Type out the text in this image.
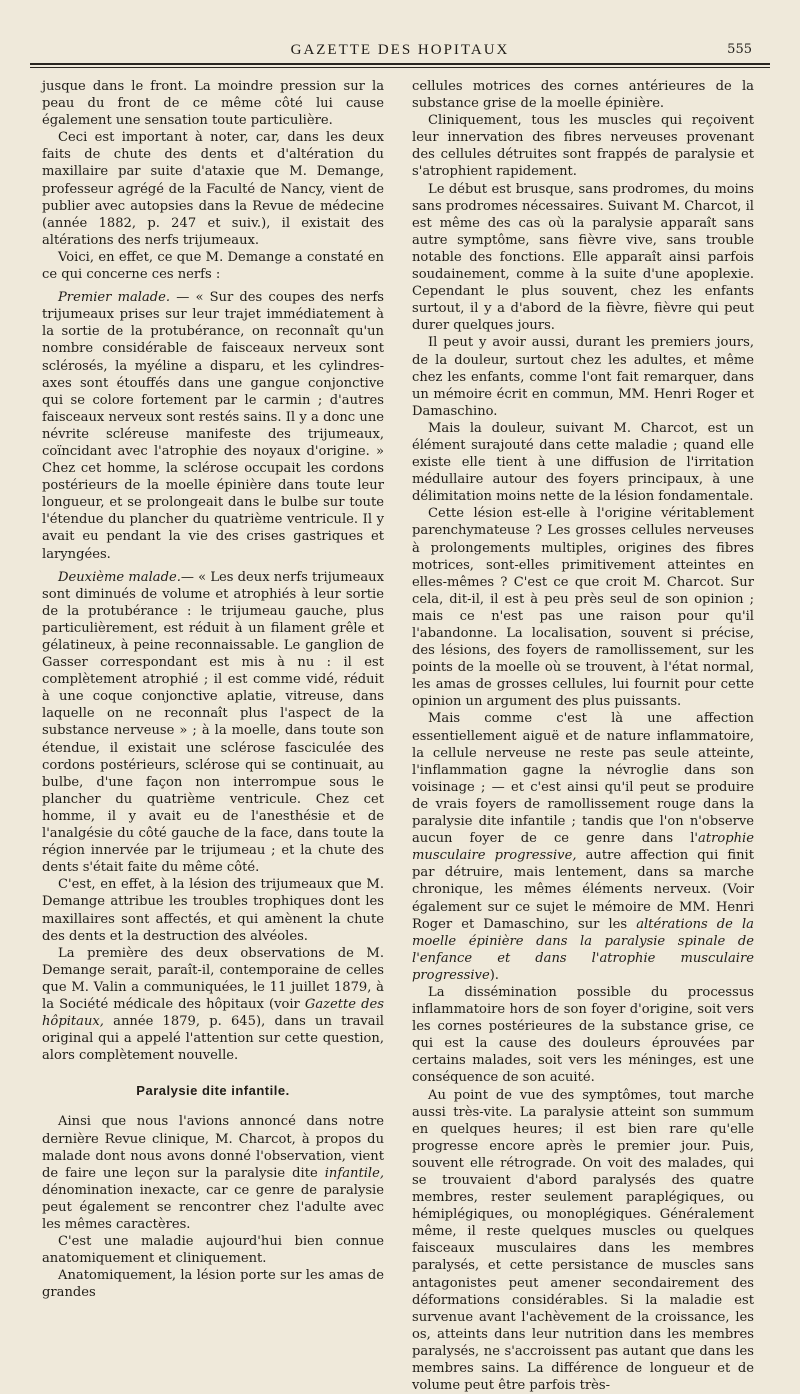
GAZETTE DES HOPITAUX	555

jusque dans le front. La moindre pression sur la peau du front de ce même côté lui cause également une sensation toute particulière.

Ceci est important à noter, car, dans les deux faits de chute des dents et d'altération du maxillaire par suite d'ataxie que M. Demange, professeur agrégé de la Faculté de Nancy, vient de publier avec autopsies dans la Revue de médecine (année 1882, p. 247 et suiv.), il existait des altérations des nerfs trijumeaux.

Voici, en effet, ce que M. Demange a constaté en ce qui concerne ces nerfs :

Premier malade. — « Sur des coupes des nerfs trijumeaux prises sur leur trajet immédiatement à la sortie de la protubérance, on reconnaît qu'un nombre considérable de faisceaux nerveux sont sclérosés, la myéline a disparu, et les cylindres-axes sont étouffés dans une gangue conjonctive qui se colore fortement par le carmin ; d'autres faisceaux nerveux sont restés sains. Il y a donc une névrite scléreuse manifeste des trijumeaux, coïncidant avec l'atrophie des noyaux d'origine. » Chez cet homme, la sclérose occupait les cordons postérieurs de la moelle épinière dans toute leur longueur, et se prolongeait dans le bulbe sur toute l'étendue du plancher du quatrième ventricule. Il y avait eu pendant la vie des crises gastriques et laryngées.

Deuxième malade.— « Les deux nerfs trijumeaux sont diminués de volume et atrophiés à leur sortie de la protubérance : le trijumeau gauche, plus particulièrement, est réduit à un filament grêle et gélatineux, à peine reconnaissable. Le ganglion de Gasser correspondant est mis à nu : il est complètement atrophié ; il est comme vidé, réduit à une coque conjonctive aplatie, vitreuse, dans laquelle on ne reconnaît plus l'aspect de la substance nerveuse » ; à la moelle, dans toute son étendue, il existait une sclérose fasciculée des cordons postérieurs, sclérose qui se continuait, au bulbe, d'une façon non interrompue sous le plancher du quatrième ventricule. Chez cet homme, il y avait eu de l'anesthésie et de l'analgésie du côté gauche de la face, dans toute la région innervée par le trijumeau ; et la chute des dents s'était faite du même côté.

C'est, en effet, à la lésion des trijumeaux que M. Demange attribue les troubles trophiques dont les maxillaires sont affectés, et qui amènent la chute des dents et la destruction des alvéoles.

La première des deux observations de M. Demange serait, paraît-il, contemporaine de celles que M. Valin a communiquées, le 11 juillet 1879, à la Société médicale des hôpitaux (voir Gazette des hôpitaux, année 1879, p. 645), dans un travail original qui a appelé l'attention sur cette question, alors complètement nouvelle.

Paralysie dite infantile.

Ainsi que nous l'avions annoncé dans notre dernière Revue clinique, M. Charcot, à propos du malade dont nous avons donné l'observation, vient de faire une leçon sur la paralysie dite infantile, dénomination inexacte, car ce genre de paralysie peut également se rencontrer chez l'adulte avec les mêmes caractères.

C'est une maladie aujourd'hui bien connue anatomiquement et cliniquement.

Anatomiquement, la lésion porte sur les amas de grandes

cellules motrices des cornes antérieures de la substance grise de la moelle épinière.

Cliniquement, tous les muscles qui reçoivent leur innervation des fibres nerveuses provenant des cellules détruites sont frappés de paralysie et s'atrophient rapidement.

Le début est brusque, sans prodromes, du moins sans prodromes nécessaires. Suivant M. Charcot, il est même des cas où la paralysie apparaît sans autre symptôme, sans fièvre vive, sans trouble notable des fonctions. Elle apparaît ainsi parfois soudainement, comme à la suite d'une apoplexie. Cependant le plus souvent, chez les enfants surtout, il y a d'abord de la fièvre, fièvre qui peut durer quelques jours.

Il peut y avoir aussi, durant les premiers jours, de la douleur, surtout chez les adultes, et même chez les enfants, comme l'ont fait remarquer, dans un mémoire écrit en commun, MM. Henri Roger et Damaschino.

Mais la douleur, suivant M. Charcot, est un élément surajouté dans cette maladie ; quand elle existe elle tient à une diffusion de l'irritation médullaire autour des foyers principaux, à une délimitation moins nette de la lésion fondamentale.

Cette lésion est-elle à l'origine véritablement parenchymateuse ? Les grosses cellules nerveuses à prolongements multiples, origines des fibres motrices, sont-elles primitivement atteintes en elles-mêmes ? C'est ce que croit M. Charcot. Sur cela, dit-il, il est à peu près seul de son opinion ; mais ce n'est pas une raison pour qu'il l'abandonne. La localisation, souvent si précise, des lésions, des foyers de ramollissement, sur les points de la moelle où se trouvent, à l'état normal, les amas de grosses cellules, lui fournit pour cette opinion un argument des plus puissants.

Mais comme c'est là une affection essentiellement aiguë et de nature inflammatoire, la cellule nerveuse ne reste pas seule atteinte, l'inflammation gagne la névroglie dans son voisinage ; — et c'est ainsi qu'il peut se produire de vrais foyers de ramollissement rouge dans la paralysie dite infantile ; tandis que l'on n'observe aucun foyer de ce genre dans l'atrophie musculaire progressive, autre affection qui finit par détruire, mais lentement, dans sa marche chronique, les mêmes éléments nerveux. (Voir également sur ce sujet le mémoire de MM. Henri Roger et Damaschino, sur les altérations de la moelle épinière dans la paralysie spinale de l'enfance et dans l'atrophie musculaire progressive).

La dissémination possible du processus inflammatoire hors de son foyer d'origine, soit vers les cornes postérieures de la substance grise, ce qui est la cause des douleurs éprouvées par certains malades, soit vers les méninges, est une conséquence de son acuité.

Au point de vue des symptômes, tout marche aussi très-vite. La paralysie atteint son summum en quelques heures; il est bien rare qu'elle progresse encore après le premier jour. Puis, souvent elle rétrograde. On voit des malades, qui se trouvaient d'abord paralysés des quatre membres, rester seulement paraplégiques, ou hémiplégiques, ou monoplégiques. Généralement même, il reste quelques muscles ou quelques faisceaux musculaires dans les membres paralysés, et cette persistance de muscles sans antagonistes peut amener secondairement des déformations considérables. Si la maladie est survenue avant l'achèvement de la croissance, les os, atteints dans leur nutrition dans les membres paralysés, ne s'accroissent pas autant que dans les membres sains. La différence de longueur et de volume peut être parfois très-
